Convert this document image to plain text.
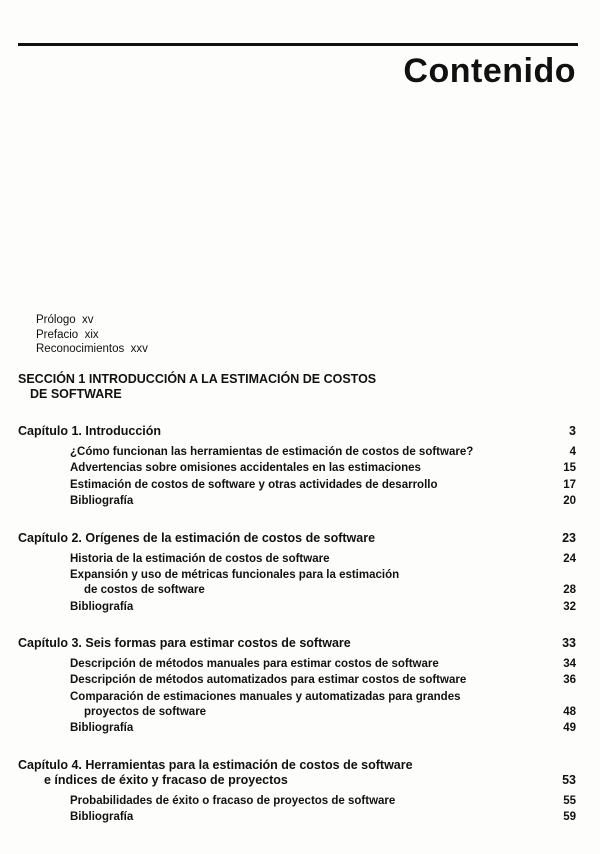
Contenido
Prólogo xv
Prefacio xix
Reconocimientos xxv
SECCIÓN 1 INTRODUCCIÓN A LA ESTIMACIÓN DE COSTOS
DE SOFTWARE
Capítulo 1. Introducción	3
¿Cómo funcionan las herramientas de estimación de costos de software?	4
Advertencias sobre omisiones accidentales en las estimaciones	15
Estimación de costos de software y otras actividades de desarrollo	17
Bibliografía	20
Capítulo 2. Orígenes de la estimación de costos de software	23
Historia de la estimación de costos de software	24
Expansión y uso de métricas funcionales para la estimación
de costos de software	28
Bibliografía	32
Capítulo 3. Seis formas para estimar costos de software	33
Descripción de métodos manuales para estimar costos de software	34
Descripción de métodos automatizados para estimar costos de software	36
Comparación de estimaciones manuales y automatizadas para grandes
proyectos de software	48
Bibliografía	49
Capítulo 4. Herramientas para la estimación de costos de software
e índices de éxito y fracaso de proyectos	53
Probabilidades de éxito o fracaso de proyectos de software	55
Bibliografía	59
